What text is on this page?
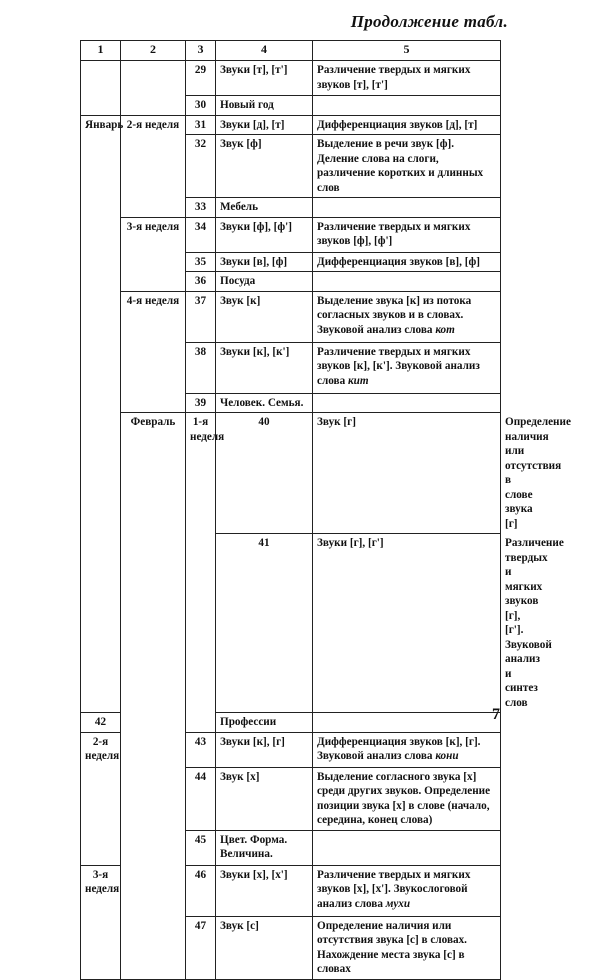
Продолжение табл.
1	2	3	4	5	
		29	Звуки [т], [т']	Различение твердых и мягких звуков [т], [т']	
		30	Новый год		
Январь	2-я неделя	31	Звуки [д], [т]	Дифференциация звуков [д], [т]	
		32	Звук [ф]	Выделение в речи звук [ф]. Деление слова на слоги, различение коротких и длинных слов	
		33	Мебель		
	3-я неделя	34	Звуки [ф], [ф']	Различение твердых и мягких звуков [ф], [ф']	
		35	Звуки [в], [ф]	Дифференциация звуков [в], [ф]	
		36	Посуда		
	4-я неделя	37	Звук [к]	Выделение звука [к] из потока согласных звуков и в словах. Звуковой анализ слова кот	
		38	Звуки [к], [к']	Различение твердых и мягких звуков [к], [к']. Звуковой анализ слова кит	
		39	Человек. Семья.		
	Февраль	1-я неделя	40	Звук [г]	Определение наличия или отсутствия в слове звука [г]
			41	Звуки [г], [г']	Различение твердых и мягких звуков [г], [г']. Звуковой анализ и синтез слов
42			Профессии		
2-я неделя		43	Звуки [к], [г]	Дифференциация звуков [к], [г]. Звуковой анализ слова кони	
		44	Звук [х]	Выделение согласного звука [х] среди других звуков. Определение позиции звука [х] в слове (начало, середина, конец слова)	
		45	Цвет. Форма. Величина.		
3-я неделя		46	Звуки [х], [х']	Различение твердых и мягких звуков [х], [х']. Звукослоговой анализ слова мухи	
		47	Звук [с]	Определение наличия или отсутствия звука [с] в словах. Нахождение места звука [с] в словах	
7
